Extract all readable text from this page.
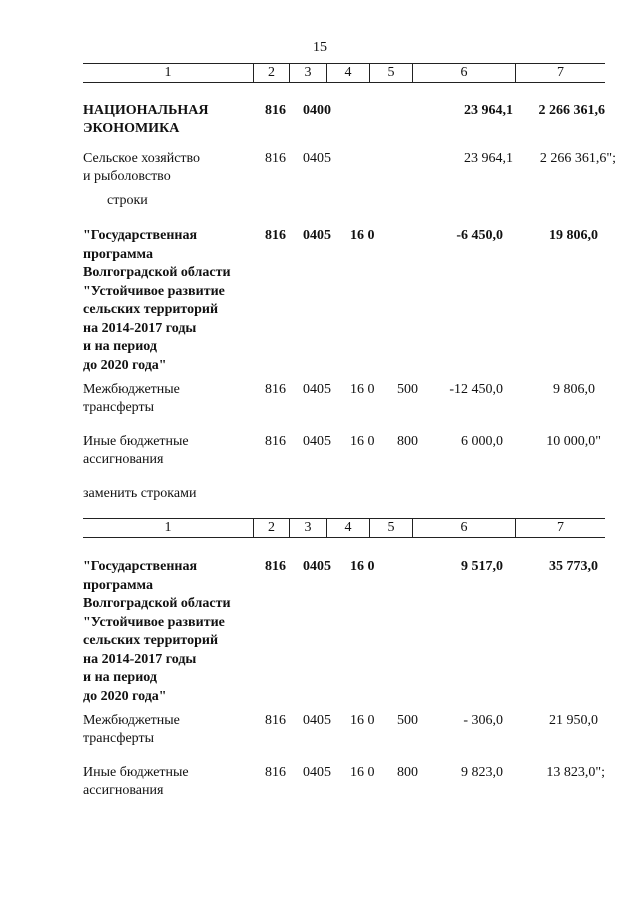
15
1	2	3	4	5	6	7
НАЦИОНАЛЬНАЯ
ЭКОНОМИКА
816 0400	23 964,1	2 266 361,6
Сельское хозяйство
и рыболовство
816 0405	23 964,1	2 266 361,6";
строки
"Государственная
программа
Волгоградской области
"Устойчивое развитие
сельских территорий
на 2014-2017 годы
и на период
до 2020 года"
816 0405 16 0	-6 450,0	19 806,0
Межбюджетные
трансферты
816 0405 16 0 500	-12 450,0	9 806,0
Иные бюджетные
ассигнования
816 0405 16 0 800	6 000,0	10 000,0"
заменить строками
1	2	3	4	5	6	7
"Государственная
программа
Волгоградской области
"Устойчивое развитие
сельских территорий
на 2014-2017 годы
и на период
до 2020 года"
816 0405 16 0	9 517,0	35 773,0
Межбюджетные
трансферты
816 0405 16 0 500	- 306,0	21 950,0
Иные бюджетные
ассигнования
816 0405 16 0 800	9 823,0	13 823,0";
